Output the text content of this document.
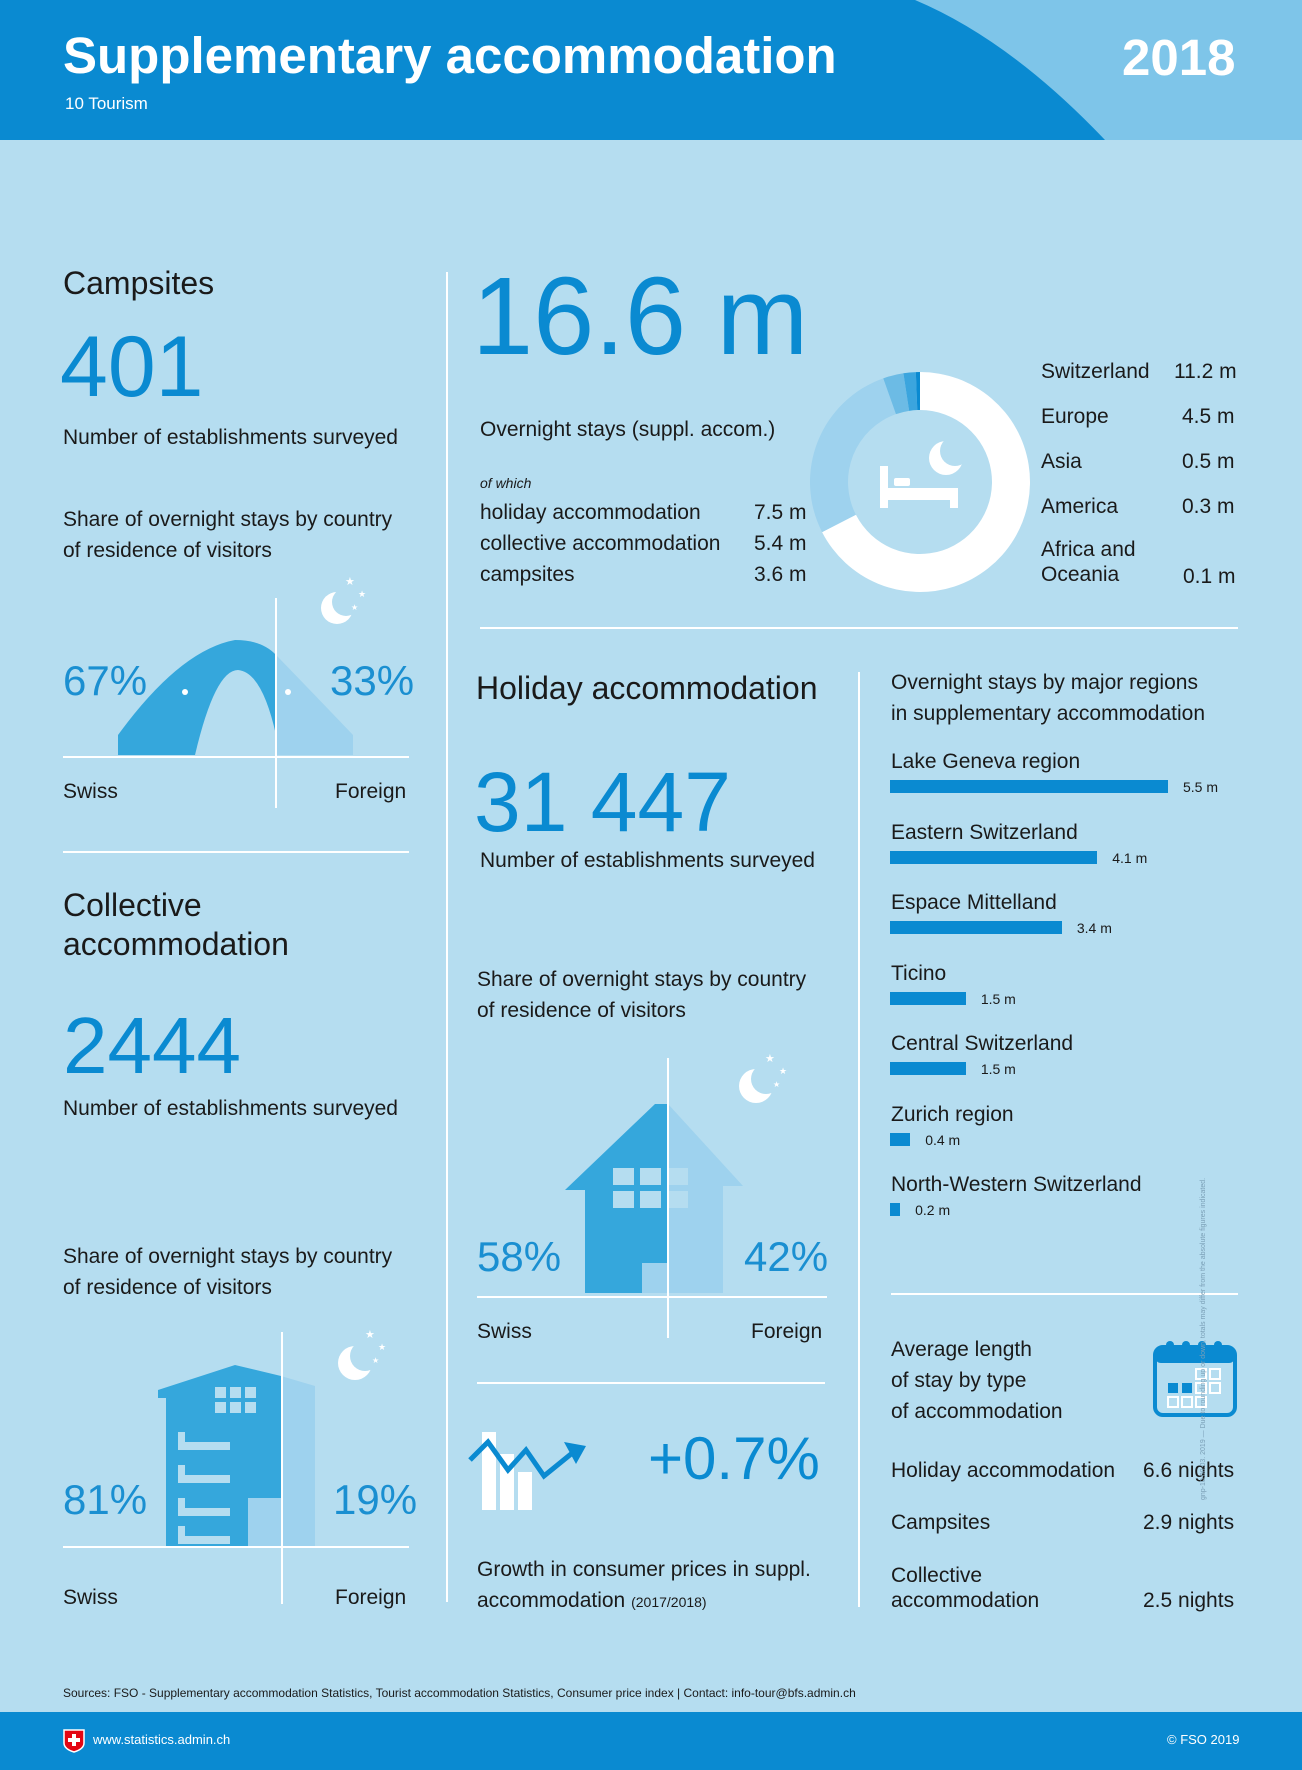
Supplementary accommodation
10 Tourism
2018
Campsites
401
Number of establishments surveyed
Share of overnight stays by country
of residence of visitors
★
★
★
67%	33%
Swiss	Foreign
Collective
accommodation
2444
Number of establishments surveyed
Share of overnight stays by country
of residence of visitors
★
★
★
81%	19%
Swiss	Foreign
16.6 m
Overnight stays (suppl. accom.)
of which
holiday accommodation	7.5 m
collective accommodation 5.4 m
campsites	3.6 m
Switzerland 11.2 m
Europe	4.5 m
Asia	0.5 m
America	0.3 m
Africa and
Oceania	0.1 m
Holiday accommodation
31 447
Number of establishments surveyed
Share of overnight stays by country
of residence of visitors
★
★
★
58%	42%
Swiss	Foreign
+0.7%
Growth in consumer prices in suppl.
accommodation (2017/2018)
Overnight stays by major regions
in supplementary accommodation
Lake Geneva region
5.5 m
Eastern Switzerland
4.1 m
Espace Mittelland
3.4 m
Ticino
1.5 m
Central Switzerland
1.5 m
Zurich region
0.4 m
North-Western Switzerland
0.2 m
Average length
of stay by type
of accommodation
Holiday accommodation 6.6 nights
Campsites	2.9 nights
Collective
accommodation	2.5 nights
gnp-10.00.03. 2019 — Due to rounding up or down, totals may differ from the absolute figures indicated.
Sources: FSO - Supplementary accommodation Statistics, Tourist accommodation Statistics, Consumer price index | Contact: info-tour@bfs.admin.ch
www.statistics.admin.ch	© FSO 2019
